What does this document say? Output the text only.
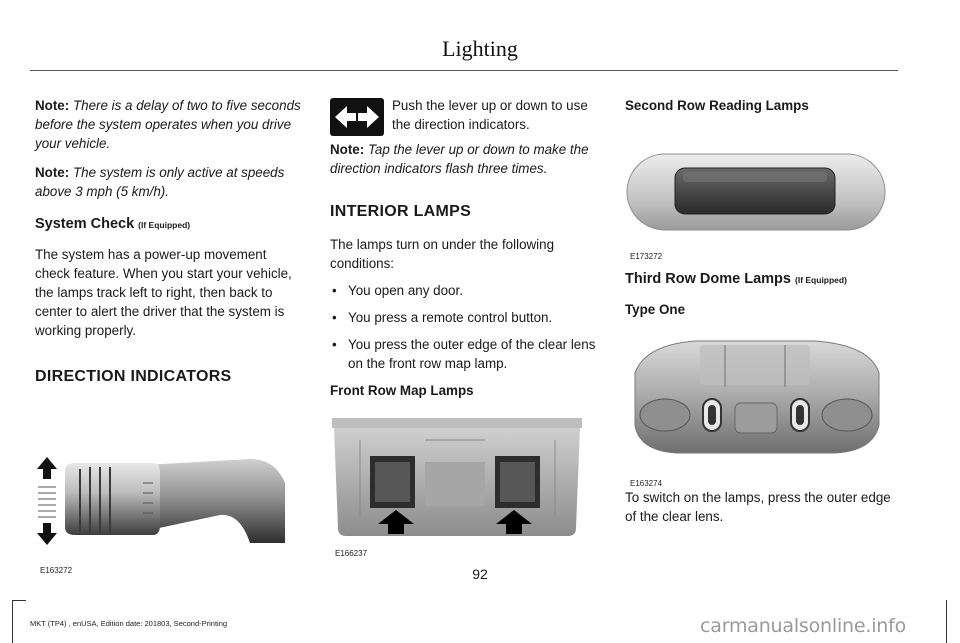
Lighting

Note: There is a delay of two to five seconds before the system operates when you drive your vehicle.

Note: The system is only active at speeds above 3 mph (5 km/h).

System Check (If Equipped)

The system has a power-up movement check feature. When you start your vehicle, the lamps track left to right, then back to center to alert the driver that the system is working properly.

DIRECTION INDICATORS
E163272

Push the lever up or down to use the direction indicators.

Note: Tap the lever up or down to make the direction indicators flash three times.

INTERIOR LAMPS

The lamps turn on under the following conditions:

• You open any door.
• You press a remote control button.
• You press the outer edge of the clear lens on the front row map lamp.

Front Row Map Lamps

E166237

Second Row Reading Lamps

E173272
Third Row Dome Lamps (If Equipped)

Type One

E163274

To switch on the lamps, press the outer edge of the clear lens.

92
MKT (TP4) , enUSA, Edition date: 201803, Second-Printing	carmanualsonline.info
